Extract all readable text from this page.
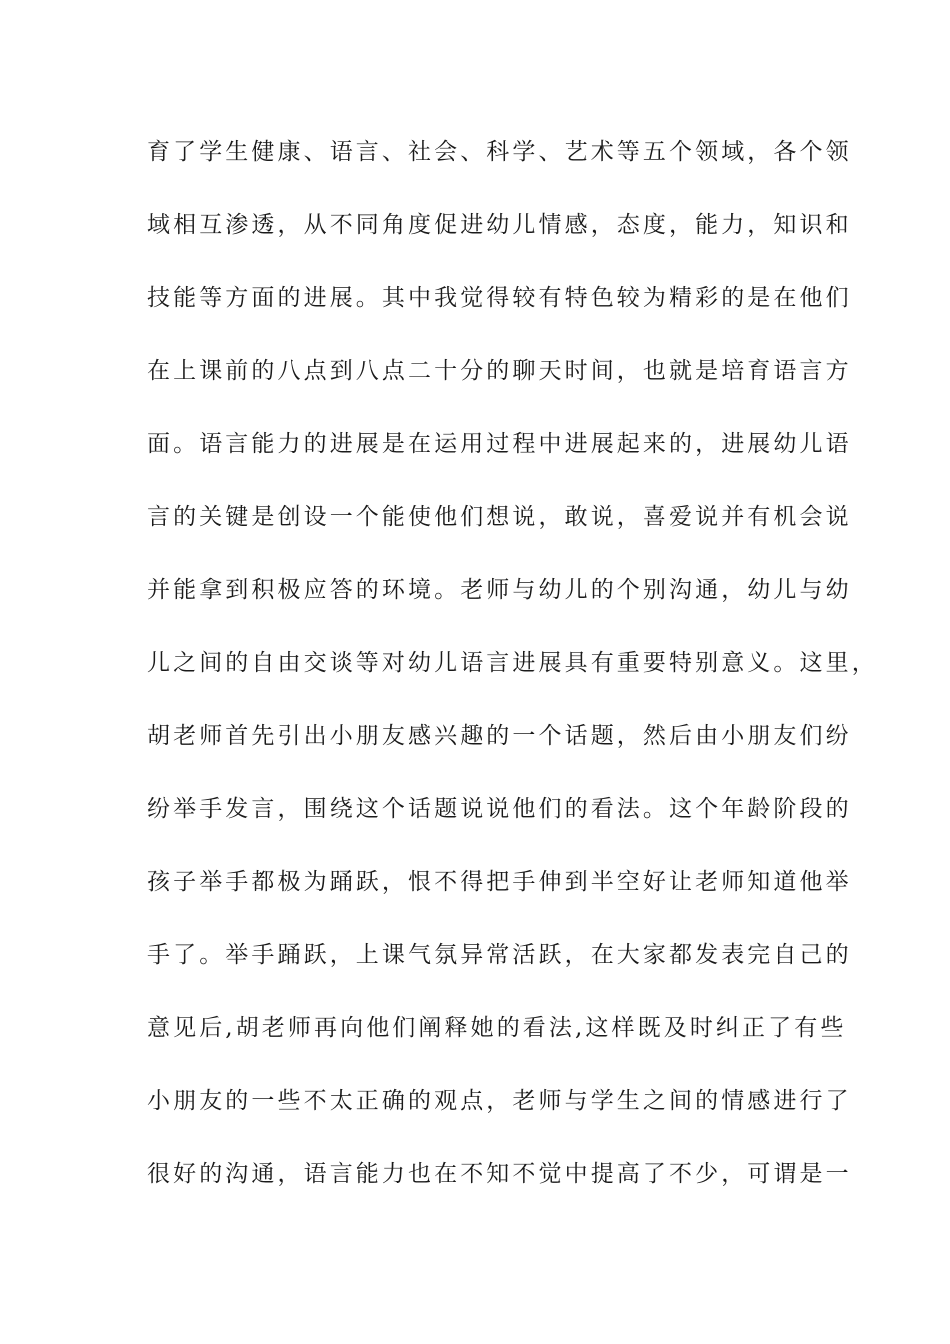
育了学生健康、语言、社会、科学、艺术等五个领域，各个领
域相互渗透，从不同角度促进幼儿情感，态度，能力，知识和
技能等方面的进展。其中我觉得较有特色较为精彩的是在他们
在上课前的八点到八点二十分的聊天时间，也就是培育语言方
面。语言能力的进展是在运用过程中进展起来的，进展幼儿语
言的关键是创设一个能使他们想说，敢说，喜爱说并有机会说
并能拿到积极应答的环境。老师与幼儿的个别沟通，幼儿与幼
儿之间的自由交谈等对幼儿语言进展具有重要特别意义。这里，
胡老师首先引出小朋友感兴趣的一个话题，然后由小朋友们纷
纷举手发言，围绕这个话题说说他们的看法。这个年龄阶段的
孩子举手都极为踊跃，恨不得把手伸到半空好让老师知道他举
手了。举手踊跃，上课气氛异常活跃，在大家都发表完自己的
意见后,胡老师再向他们阐释她的看法,这样既及时纠正了有些
小朋友的一些不太正确的观点，老师与学生之间的情感进行了
很好的沟通，语言能力也在不知不觉中提高了不少，可谓是一
